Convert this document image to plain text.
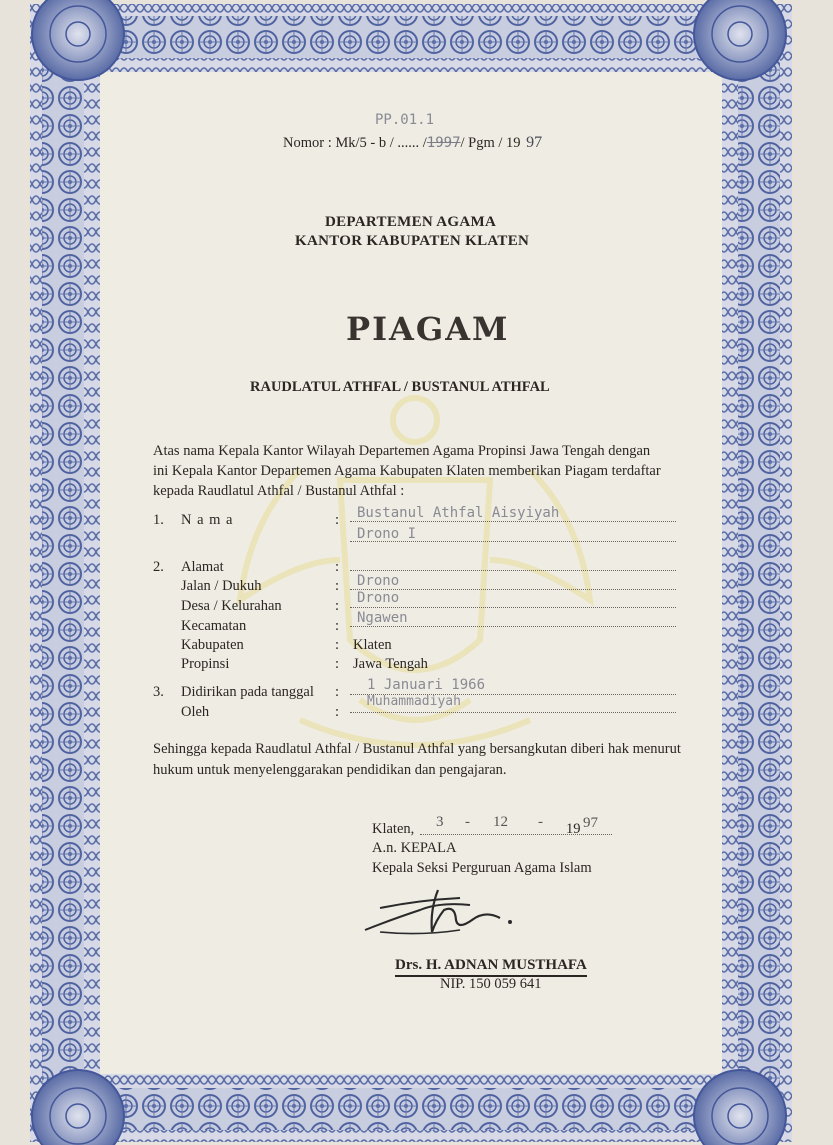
PP.01.1
Nomor : Mk/5 - b / ...... /1997/ Pgm / 19 97
DEPARTEMEN AGAMA
KANTOR KABUPATEN KLATEN
PIAGAM
RAUDLATUL ATHFAL / BUSTANUL ATHFAL
Atas nama Kepala Kantor Wilayah Departemen Agama Propinsi Jawa Tengah dengan
ini Kepala Kantor Departemen Agama Kabupaten Klaten memberikan Piagam terdaftar
kepada Raudlatul Athfal / Bustanul Athfal :
1. N a m a	: Bustanul Athfal Aisyiyah
Drono I
2. Alamat	:
Jalan / Dukuh	: Drono
Desa / Kelurahan	: Drono
Kecamatan	: Ngawen
Kabupaten	: Klaten
Propinsi	: Jawa Tengah
3. Didirikan pada tanggal : 1 Januari 1966
Oleh	:
Muhammadiyah
Sehingga kepada Raudlatul Athfal / Bustanul Athfal yang bersangkutan diberi hak menurut
hukum untuk menyelenggarakan pendidikan dan pengajaran.
Klaten, 3 - 12 - 19 97
A.n. KEPALA
Kepala Seksi Perguruan Agama Islam
Drs. H. ADNAN MUSTHAFA
NIP. 150 059 641
